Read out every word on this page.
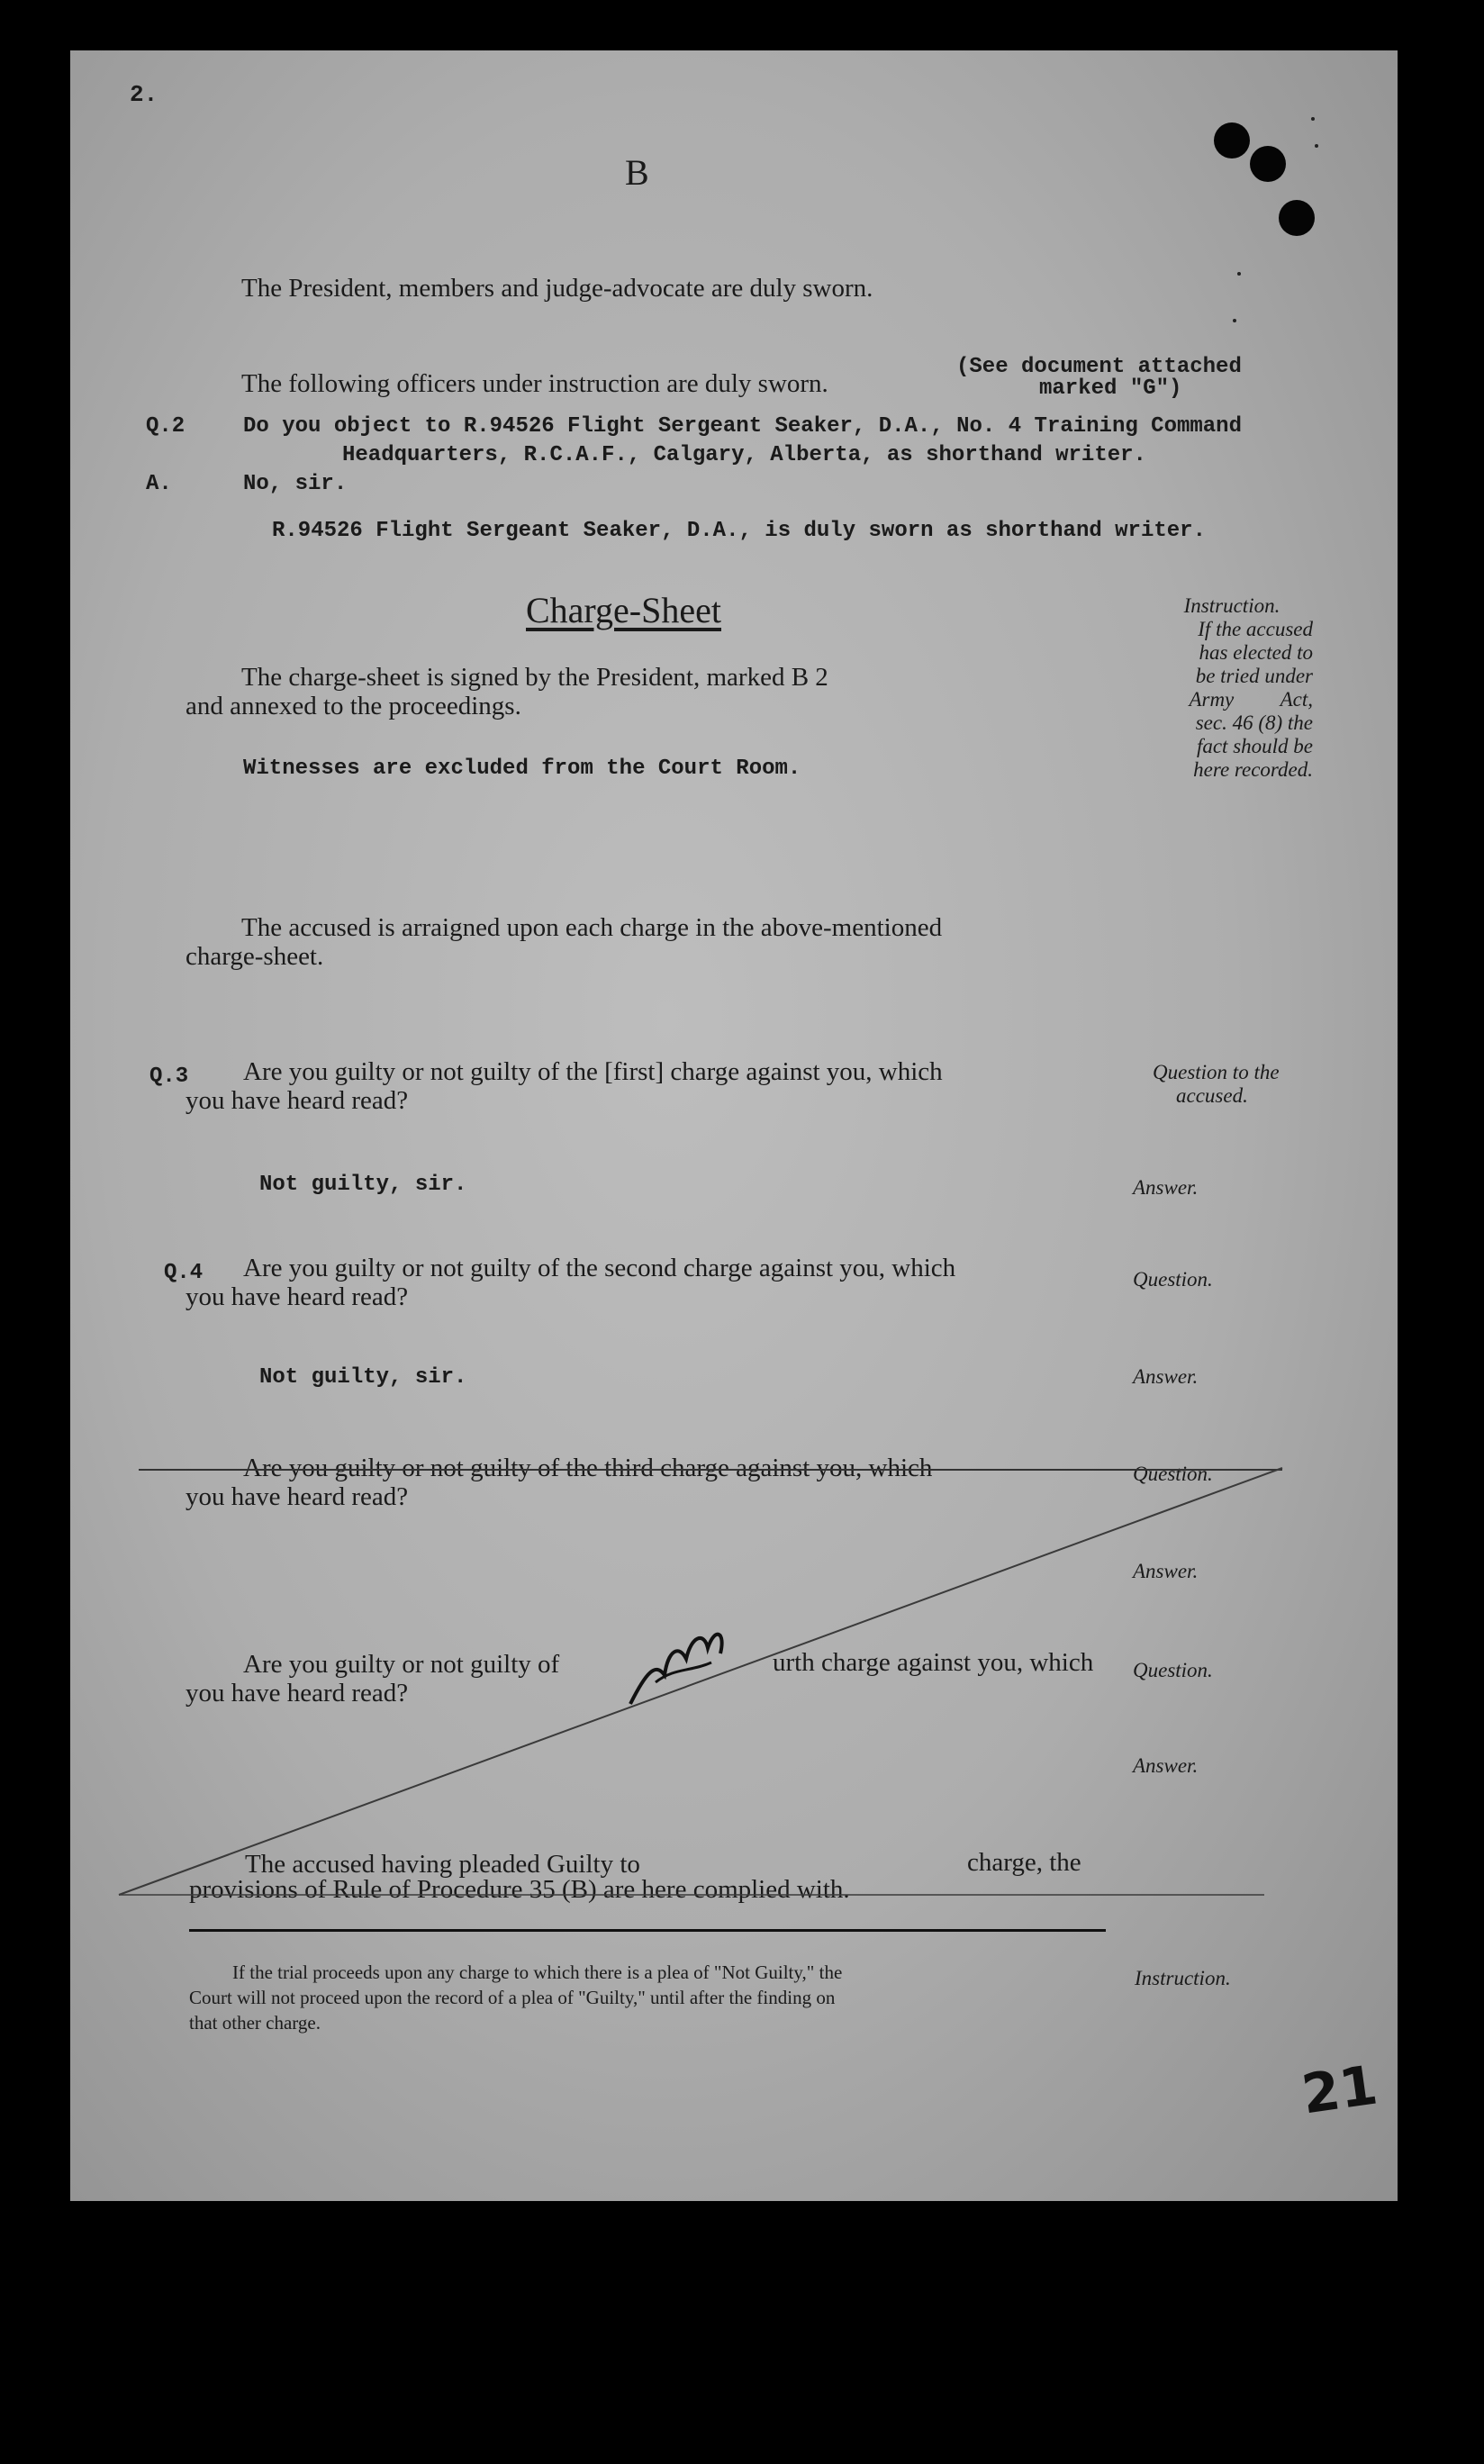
2.
B
The President, members and judge-advocate are duly sworn.
The following officers under instruction are duly sworn.
(See document attached
marked "G")
Q.2	Do you object to R.94526 Flight Sergeant Seaker, D.A., No. 4 Training Command
Headquarters, R.C.A.F., Calgary, Alberta, as shorthand writer.
A.	No, sir.
R.94526 Flight Sergeant Seaker, D.A., is duly sworn as shorthand writer.
Charge-Sheet	Instruction.
If the accused
has elected to
be tried under
Army Act,
sec. 46 (8) the
fact should be
here recorded.
The charge-sheet is signed by the President, marked B 2
and annexed to the proceedings.
Witnesses are excluded from the Court Room.
The accused is arraigned upon each charge in the above-mentioned
charge-sheet.
Q.3 Are you guilty or not guilty of the [first] charge against you, which
you have heard read?
Question to the
accused.
Not guilty, sir.	Answer.
Q.4 Are you guilty or not guilty of the second charge against you, which
you have heard read?
Question.
Not guilty, sir.	Answer.
Are you guilty or not guilty of the third charge against you, which
you have heard read?
Question.
Answer.
Are you guilty or not guilty of	urth charge against you, which
you have heard read?
Question.
Answer.
The accused having pleaded Guilty to	charge, the
provisions of Rule of Procedure 35 (B) are here complied with.
If the trial proceeds upon any charge to which there is a plea of "Not Guilty," the
Court will not proceed upon the record of a plea of "Guilty," until after the finding on
that other charge.
Instruction.
21
